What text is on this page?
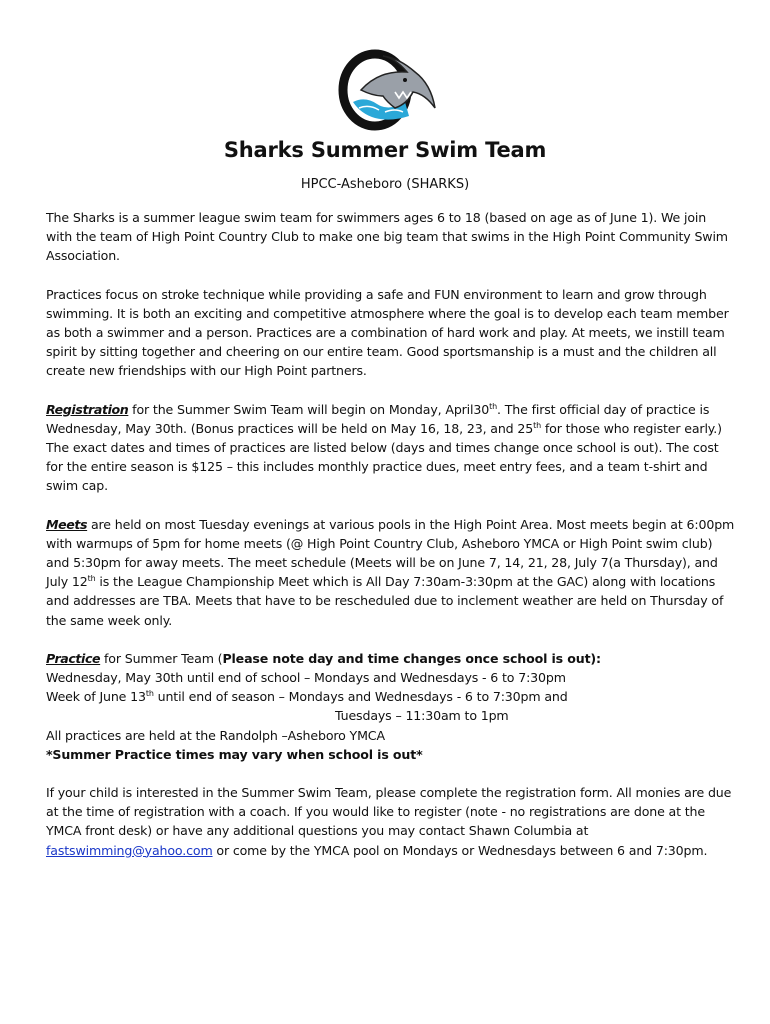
Sharks Summer Swim Team
HPCC-Asheboro (SHARKS)

The Sharks is a summer league swim team for swimmers ages 6 to 18 (based on age as of June 1). We join with the team of High Point Country Club to make one big team that swims in the High Point Community Swim Association.

Practices focus on stroke technique while providing a safe and FUN environment to learn and grow through swimming. It is both an exciting and competitive atmosphere where the goal is to develop each team member as both a swimmer and a person. Practices are a combination of hard work and play. At meets, we instill team spirit by sitting together and cheering on our entire team. Good sportsmanship is a must and the children all create new friendships with our High Point partners.

Registration for the Summer Swim Team will begin on Monday, April30th. The first official day of practice is Wednesday, May 30th. (Bonus practices will be held on May 16, 18, 23, and 25th for those who register early.) The exact dates and times of practices are listed below (days and times change once school is out). The cost for the entire season is $125 – this includes monthly practice dues, meet entry fees, and a team t-shirt and swim cap.

Meets are held on most Tuesday evenings at various pools in the High Point Area. Most meets begin at 6:00pm with warmups of 5pm for home meets (@ High Point Country Club, Asheboro YMCA or High Point swim club) and 5:30pm for away meets. The meet schedule (Meets will be on June 7, 14, 21, 28, July 7(a Thursday), and July 12th is the League Championship Meet which is All Day 7:30am-3:30pm at the GAC) along with locations and addresses are TBA. Meets that have to be rescheduled due to inclement weather are held on Thursday of the same week only.

Practice for Summer Team (Please note day and time changes once school is out):
Wednesday, May 30th until end of school – Mondays and Wednesdays - 6 to 7:30pm
Week of June 13th until end of season – Mondays and Wednesdays - 6 to 7:30pm and
Tuesdays – 11:30am to 1pm
All practices are held at the Randolph –Asheboro YMCA
*Summer Practice times may vary when school is out*

If your child is interested in the Summer Swim Team, please complete the registration form. All monies are due at the time of registration with a coach. If you would like to register (note - no registrations are done at the YMCA front desk) or have any additional questions you may contact Shawn Columbia at fastswimming@yahoo.com or come by the YMCA pool on Mondays or Wednesdays between 6 and 7:30pm.
